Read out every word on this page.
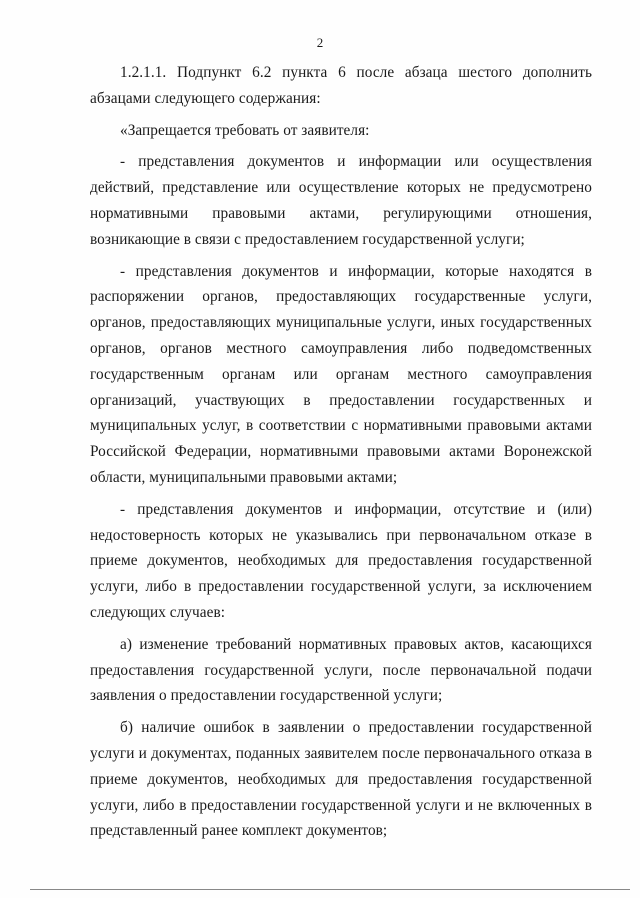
2

1.2.1.1. Подпункт 6.2 пункта 6 после абзаца шестого дополнить абзацами следующего содержания:

«Запрещается требовать от заявителя:

- представления документов и информации или осуществления действий, представление или осуществление которых не предусмотрено нормативными правовыми актами, регулирующими отношения, возникающие в связи с предоставлением государственной услуги;

- представления документов и информации, которые находятся в распоряжении органов, предоставляющих государственные услуги, органов, предоставляющих муниципальные услуги, иных государственных органов, органов местного самоуправления либо подведомственных государственным органам или органам местного самоуправления организаций, участвующих в предоставлении государственных и муниципальных услуг, в соответствии с нормативными правовыми актами Российской Федерации, нормативными правовыми актами Воронежской области, муниципальными правовыми актами;

- представления документов и информации, отсутствие и (или) недостоверность которых не указывались при первоначальном отказе в приеме документов, необходимых для предоставления государственной услуги, либо в предоставлении государственной услуги, за исключением следующих случаев:

а) изменение требований нормативных правовых актов, касающихся предоставления государственной услуги, после первоначальной подачи заявления о предоставлении государственной услуги;

б) наличие ошибок в заявлении о предоставлении государственной услуги и документах, поданных заявителем после первоначального отказа в приеме документов, необходимых для предоставления государственной услуги, либо в предоставлении государственной услуги и не включенных в представленный ранее комплект документов;
